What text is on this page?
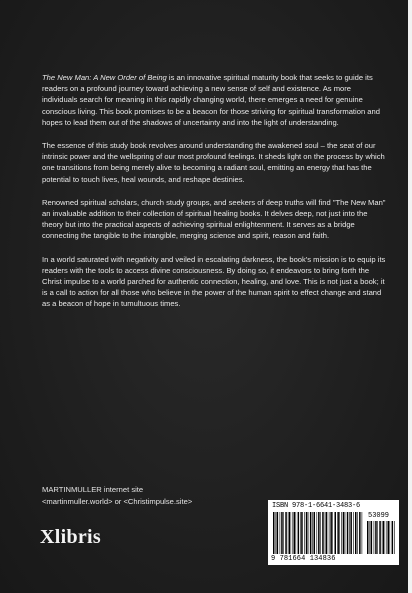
The New Man: A New Order of Being is an innovative spiritual maturity book that seeks to guide its readers on a profound journey toward achieving a new sense of self and existence. As more individuals search for meaning in this rapidly changing world, there emerges a need for genuine conscious living. This book promises to be a beacon for those striving for spiritual transformation and hopes to lead them out of the shadows of uncertainty and into the light of understanding.

The essence of this study book revolves around understanding the awakened soul – the seat of our intrinsic power and the wellspring of our most profound feelings. It sheds light on the process by which one transitions from being merely alive to becoming a radiant soul, emitting an energy that has the potential to touch lives, heal wounds, and reshape destinies.

Renowned spiritual scholars, church study groups, and seekers of deep truths will find "The New Man" an invaluable addition to their collection of spiritual healing books. It delves deep, not just into the theory but into the practical aspects of achieving spiritual enlightenment. It serves as a bridge connecting the tangible to the intangible, merging science and spirit, reason and faith.

In a world saturated with negativity and veiled in escalating darkness, the book's mission is to equip its readers with the tools to access divine consciousness. By doing so, it endeavors to bring forth the Christ impulse to a world parched for authentic connection, healing, and love. This is not just a book; it is a call to action for all those who believe in the power of the human spirit to effect change and stand as a beacon of hope in tumultuous times.

MARTINMULLER internet site
<martinmuller.world> or <Christimpulse.site>
Xlibris
ISBN 978-1-6641-3483-6
53099
9 781664 134836
